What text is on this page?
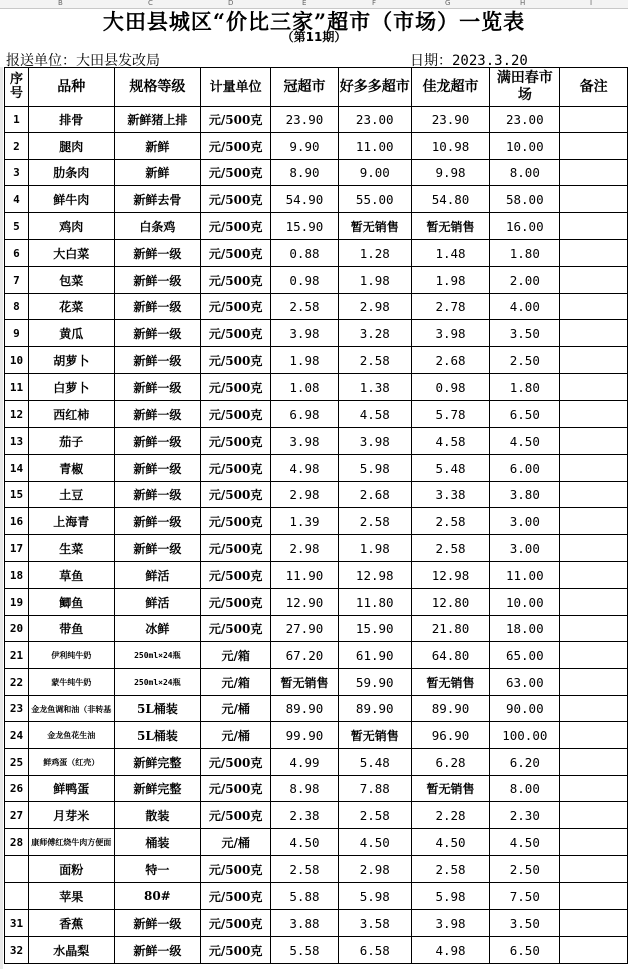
B	C	D	E	F	G	H	I
大田县城区“价比三家”超市（市场）一览表
（第11期）
报送单位：大田县发改局	日期：2023.3.20
序号	品种	规格等级	计量单位	冠超市	好多多超市	佳龙超市	满田春市场	备注
1	排骨	新鲜猪上排	元/500克	23.90	23.00	23.90	23.00	
2	腿肉	新鲜	元/500克	9.90	11.00	10.98	10.00	
3	肋条肉	新鲜	元/500克	8.90	9.00	9.98	8.00	
4	鲜牛肉	新鲜去骨	元/500克	54.90	55.00	54.80	58.00	
5	鸡肉	白条鸡	元/500克	15.90	暂无销售	暂无销售	16.00	
6	大白菜	新鲜一级	元/500克	0.88	1.28	1.48	1.80	
7	包菜	新鲜一级	元/500克	0.98	1.98	1.98	2.00	
8	花菜	新鲜一级	元/500克	2.58	2.98	2.78	4.00	
9	黄瓜	新鲜一级	元/500克	3.98	3.28	3.98	3.50	
10	胡萝卜	新鲜一级	元/500克	1.98	2.58	2.68	2.50	
11	白萝卜	新鲜一级	元/500克	1.08	1.38	0.98	1.80	
12	西红柿	新鲜一级	元/500克	6.98	4.58	5.78	6.50	
13	茄子	新鲜一级	元/500克	3.98	3.98	4.58	4.50	
14	青椒	新鲜一级	元/500克	4.98	5.98	5.48	6.00	
15	土豆	新鲜一级	元/500克	2.98	2.68	3.38	3.80	
16	上海青	新鲜一级	元/500克	1.39	2.58	2.58	3.00	
17	生菜	新鲜一级	元/500克	2.98	1.98	2.58	3.00	
18	草鱼	鲜活	元/500克	11.90	12.98	12.98	11.00	
19	鲫鱼	鲜活	元/500克	12.90	11.80	12.80	10.00	
20	带鱼	冰鲜	元/500克	27.90	15.90	21.80	18.00	
21	伊利纯牛奶	250ml×24瓶	元/箱	67.20	61.90	64.80	65.00	
22	蒙牛纯牛奶	250ml×24瓶	元/箱	暂无销售	59.90	暂无销售	63.00	
23	金龙鱼调和油（非转基	5L桶装	元/桶	89.90	89.90	89.90	90.00	
24	金龙鱼花生油	5L桶装	元/桶	99.90	暂无销售	96.90	100.00	
25	鲜鸡蛋（红壳）	新鲜完整	元/500克	4.99	5.48	6.28	6.20	
26	鲜鸭蛋	新鲜完整	元/500克	8.98	7.88	暂无销售	8.00	
27	月芽米	散装	元/500克	2.38	2.58	2.28	2.30	
28	康师傅红烧牛肉方便面	桶装	元/桶	4.50	4.50	4.50	4.50	
	面粉	特一	元/500克	2.58	2.98	2.58	2.50	
	苹果	80#	元/500克	5.88	5.98	5.98	7.50	
31	香蕉	新鲜一级	元/500克	3.88	3.58	3.98	3.50	
32	水晶梨	新鲜一级	元/500克	5.58	6.58	4.98	6.50	
